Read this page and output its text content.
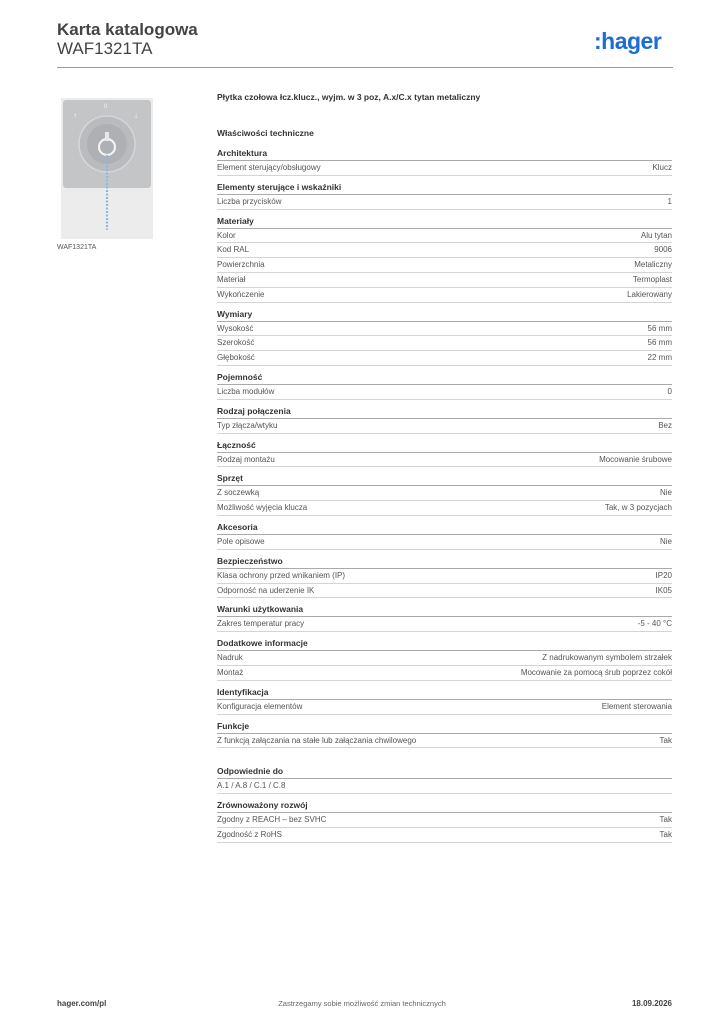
Karta katalogowa
WAF1321TA	:hager
↑
0
↓
WAF1321TA
Płytka czołowa łcz.klucz., wyjm. w 3 poz, A.x/C.x tytan metaliczny
Właściwości techniczne
Architektura
Element sterujący/obsługowy	Klucz
Elementy sterujące i wskaźniki
Liczba przycisków	1
Materiały
Kolor	Alu tytan
Kod RAL	9006
Powierzchnia	Metaliczny
Materiał	Termoplast
Wykończenie	Lakierowany
Wymiary
Wysokość	56 mm
Szerokość	56 mm
Głębokość	22 mm
Pojemność
Liczba modułów	0
Rodzaj połączenia
Typ złącza/wtyku	Bez
Łączność
Rodzaj montażu	Mocowanie śrubowe
Sprzęt
Z soczewką	Nie
Możliwość wyjęcia klucza	Tak, w 3 pozycjach
Akcesoria
Pole opisowe	Nie
Bezpieczeństwo
Klasa ochrony przed wnikaniem (IP)	IP20
Odporność na uderzenie IK	IK05
Warunki użytkowania
Zakres temperatur pracy	-5 - 40 °C
Dodatkowe informacje
Nadruk	Z nadrukowanym symbolem strzałek
Montaż	Mocowanie za pomocą śrub poprzez cokół
Identyfikacja
Konfiguracja elementów	Element sterowania
Funkcje
Z funkcją załączania na stałe lub załączania chwilowego	Tak
Odpowiednie do
A.1 / A.8 / C.1 / C.8
Zrównoważony rozwój
Zgodny z REACH – bez SVHC	Tak
Zgodność z RoHS	Tak
hager.com/pl	Zastrzegamy sobie możliwość zmian technicznych	18.09.2026
